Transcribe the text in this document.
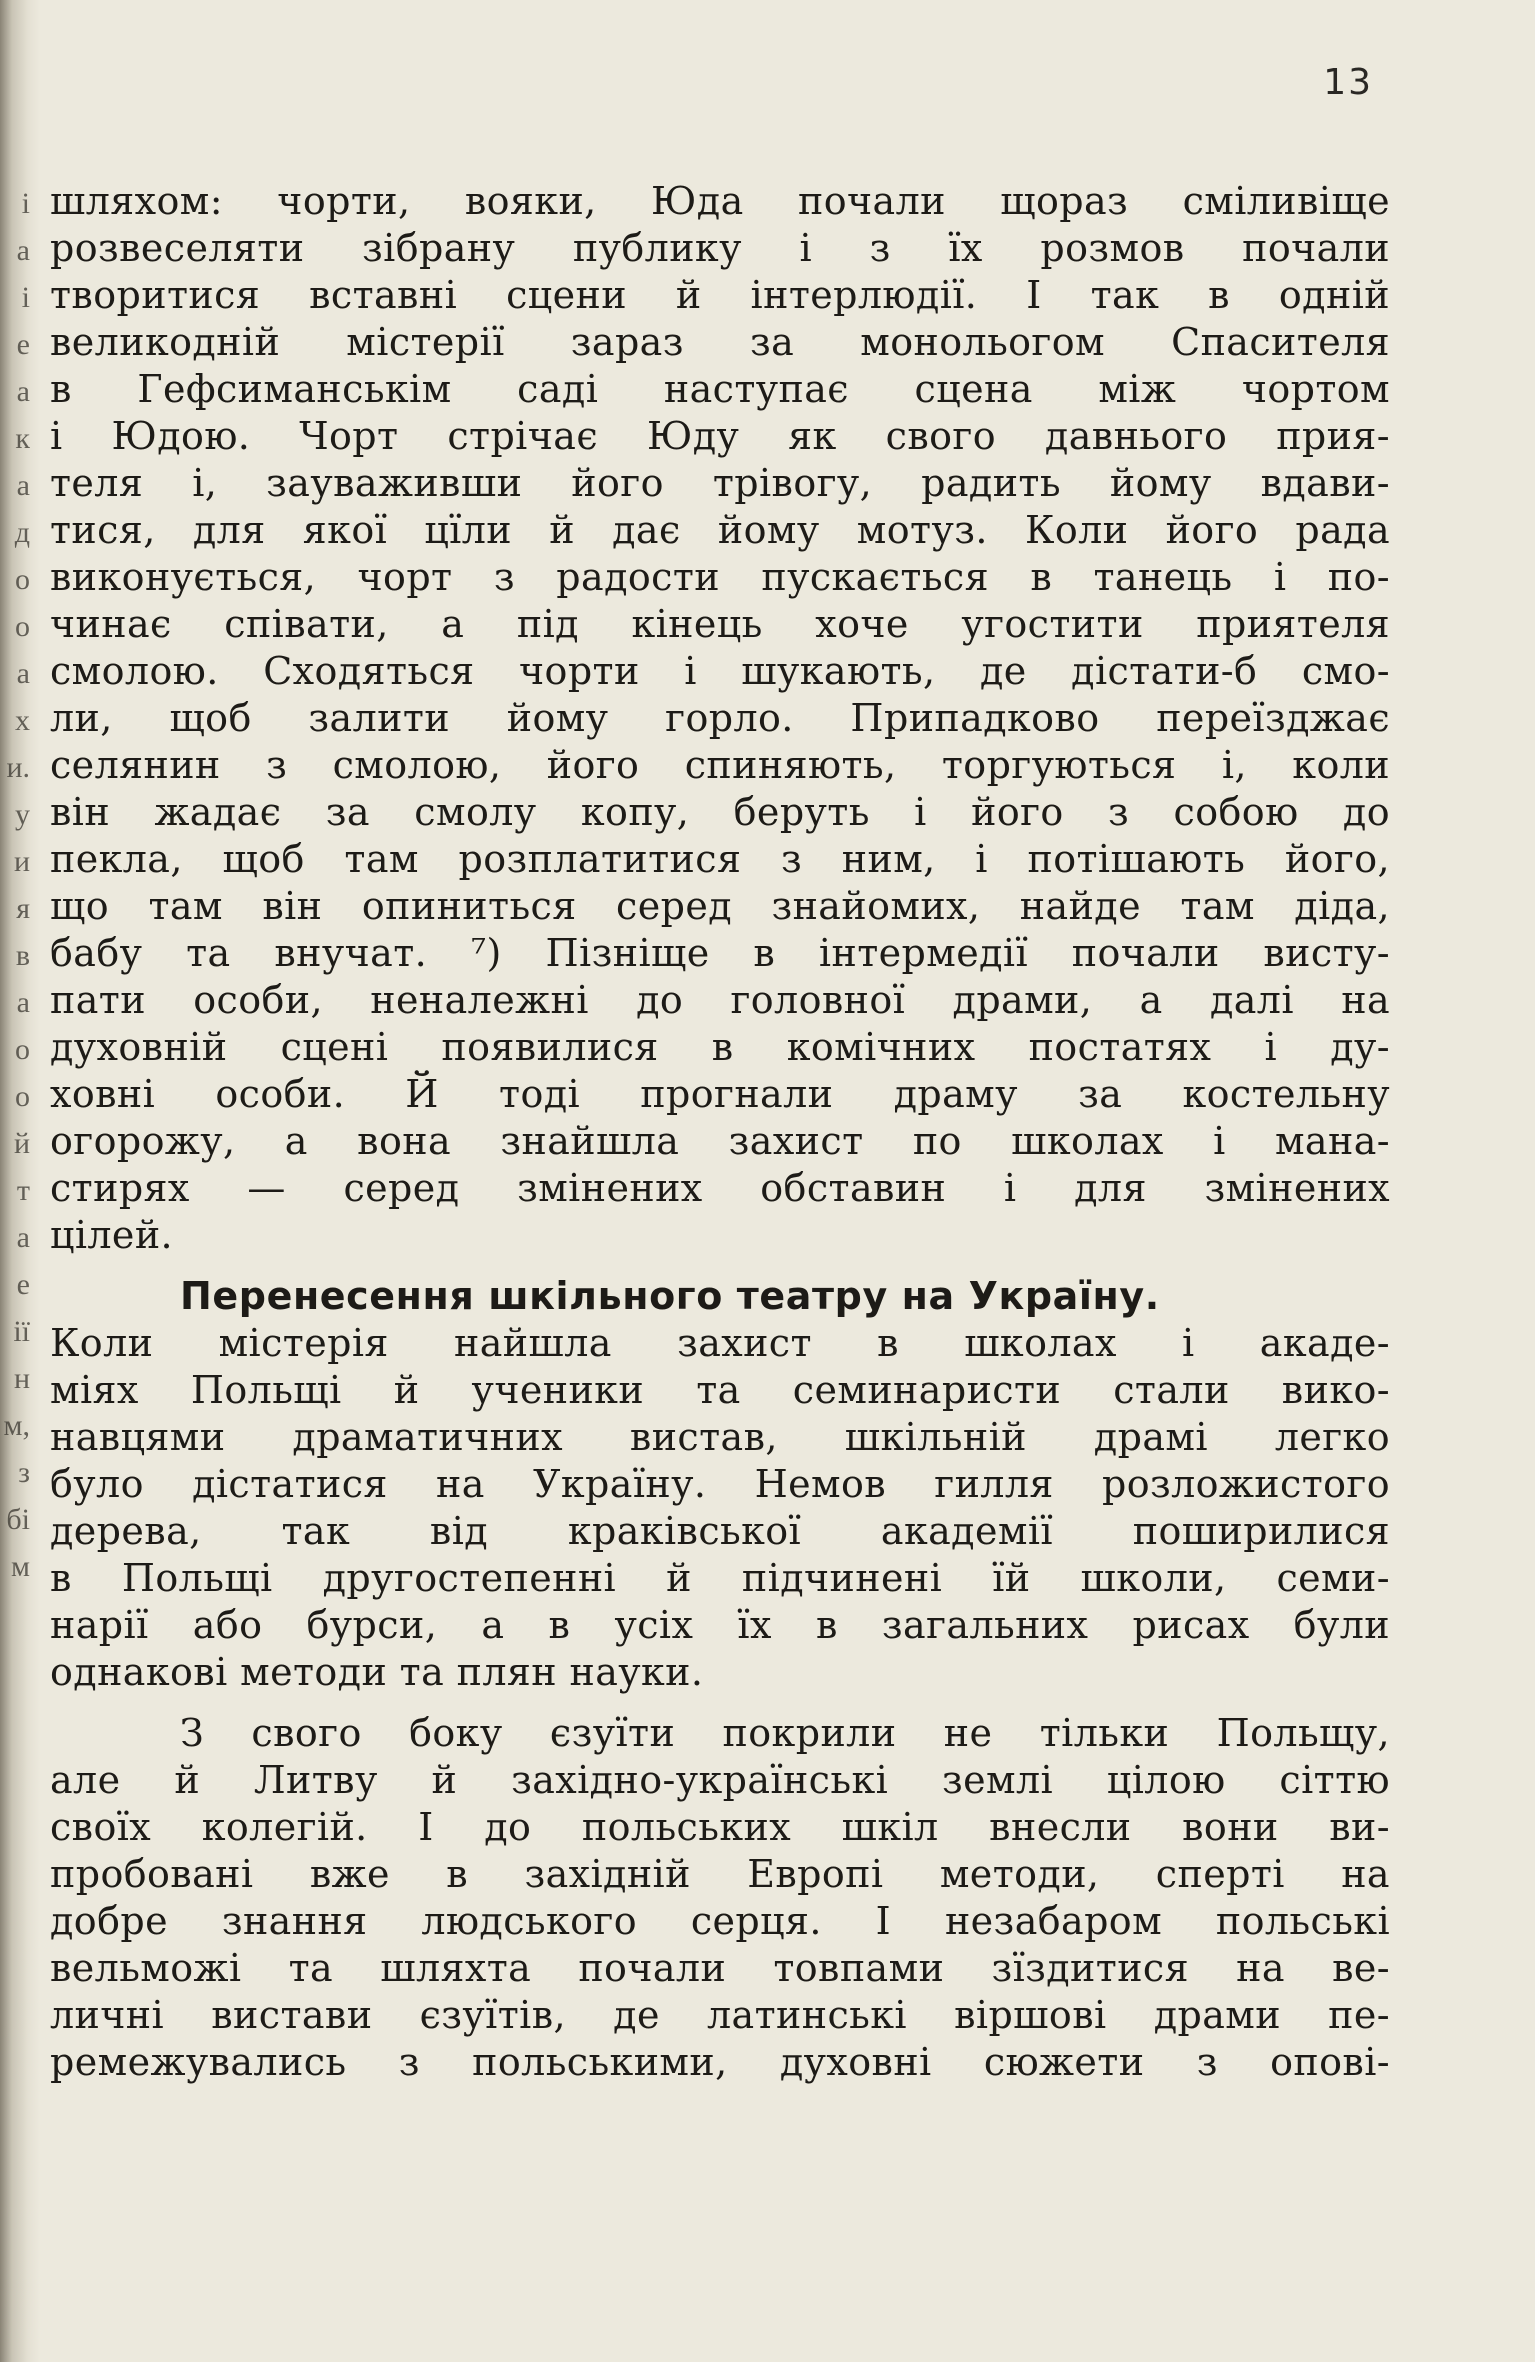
і
а
і
е
а
к
а
д
о
о
а
х
и.
у
и
я
в
а
о
о
й
т
а
е
ії
н
м,
з
бі
м
13
шляхом: чорти, вояки, Юда почали щораз сміливіще
розвеселяти зібрану публику і з їх розмов почали
творитися вставні сцени й інтерлюдії. І так в одній
великодній містерії зараз за монольогом Спасителя
в Гефсиманськім саді наступає сцена між чортом
і Юдою. Чорт стрічає Юду як свого давнього прия-
теля і, зауваживши його трівогу, радить йому вдави-
тися, для якої цїли й дає йому мотуз. Коли його рада
виконується, чорт з радости пускається в танець і по-
чинає співати, а під кінець хоче угостити приятеля
смолою. Сходяться чорти і шукають, де дістати-б смо-
ли, щоб залити йому горло. Припадково переїзджає
селянин з смолою, його спиняють, торгуються і, коли
він жадає за смолу копу, беруть і його з собою до
пекла, щоб там розплатитися з ним, і потішають його,
що там він опиниться серед знайомих, найде там діда,
бабу та внучат. ⁷) Пізніще в інтермедії почали висту-
пати особи, неналежні до головної драми, а далі на
духовній сцені появилися в комічних постатях і ду-
ховні особи. Й тоді прогнали драму за костельну
огорожу, а вона знайшла захист по школах і мана-
стирях — серед змінених обставин і для змінених
цілей.
Перенесення шкільного театру на Україну.
Коли містерія найшла захист в школах і акаде-
міях Польщі й ученики та семинаристи стали вико-
навцями драматичних вистав, шкільній драмі легко
було дістатися на Україну. Немов гилля розложистого
дерева, так від краківської академії поширилися
в Польщі другостепенні й підчинені їй школи, семи-
нарії або бурси, а в усіх їх в загальних рисах були
однакові методи та плян науки.
З свого боку єзуїти покрили не тільки Польщу,
але й Литву й західно-українські землі цілою сіттю
своїх колегій. І до польських шкіл внесли вони ви-
пробовані вже в західній Европі методи, сперті на
добре знання людського серця. І незабаром польські
вельможі та шляхта почали товпами зїздитися на ве-
личні вистави єзуїтів, де латинські віршові драми пе-
ремежувались з польськими, духовні сюжети з опові-
